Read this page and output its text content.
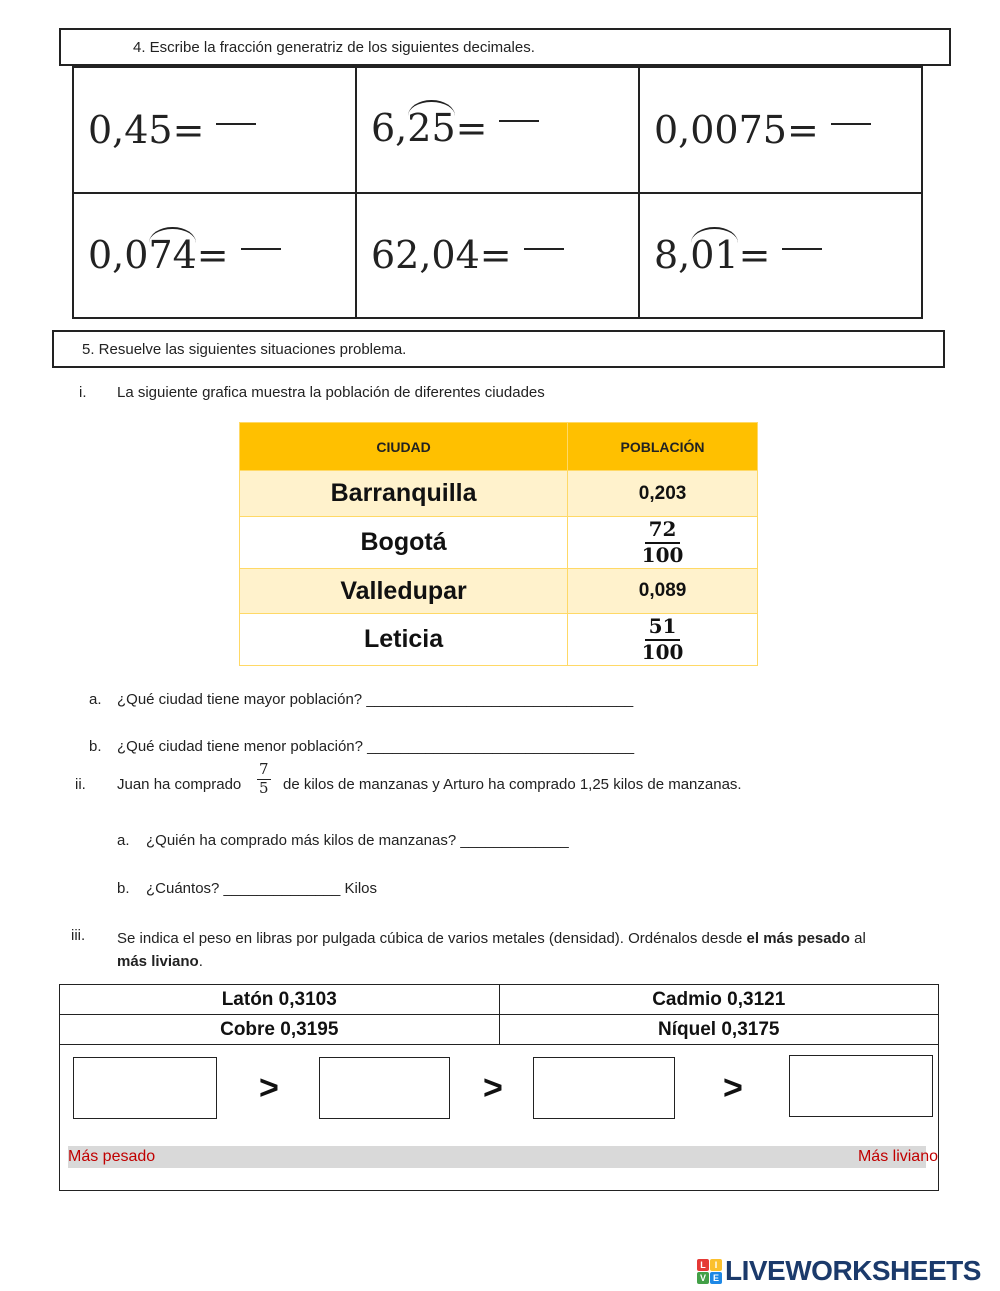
4. Escribe la fracción generatriz de los siguientes decimales.
0,45 =	6, 25 =	0,0075 =
0,0 74 =	62,04 =	8, 01 =
5. Resuelve las siguientes situaciones problema.
i. La siguiente grafica muestra la población de diferentes ciudades
CIUDAD	POBLACIÓN
Barranquilla	0,203
Bogotá	$\frac{72}{100}$

Valledupar	0,089
Leticia	$\frac{51}{100}$
a. ¿Qué ciudad tiene mayor población? ________________________________
b. ¿Qué ciudad tiene menor población? ________________________________
ii. Juan ha comprado $\frac{7}{5}$ de kilos de manzanas y Arturo ha comprado 1,25 kilos de manzanas.
a. ¿Quién ha comprado más kilos de manzanas? _____________
b. ¿Cuántos? ______________ Kilos
iii. Se indica el peso en libras por pulgada cúbica de varios metales (densidad). Ordénalos desde el más pesado al
más liviano.
Latón 0,3103	Cadmio 0,3121
Cobre 0,3195	Níquel 0,3175
>	>	>
Más pesado	Más liviano
L I
V E LIVEWORKSHEETS
